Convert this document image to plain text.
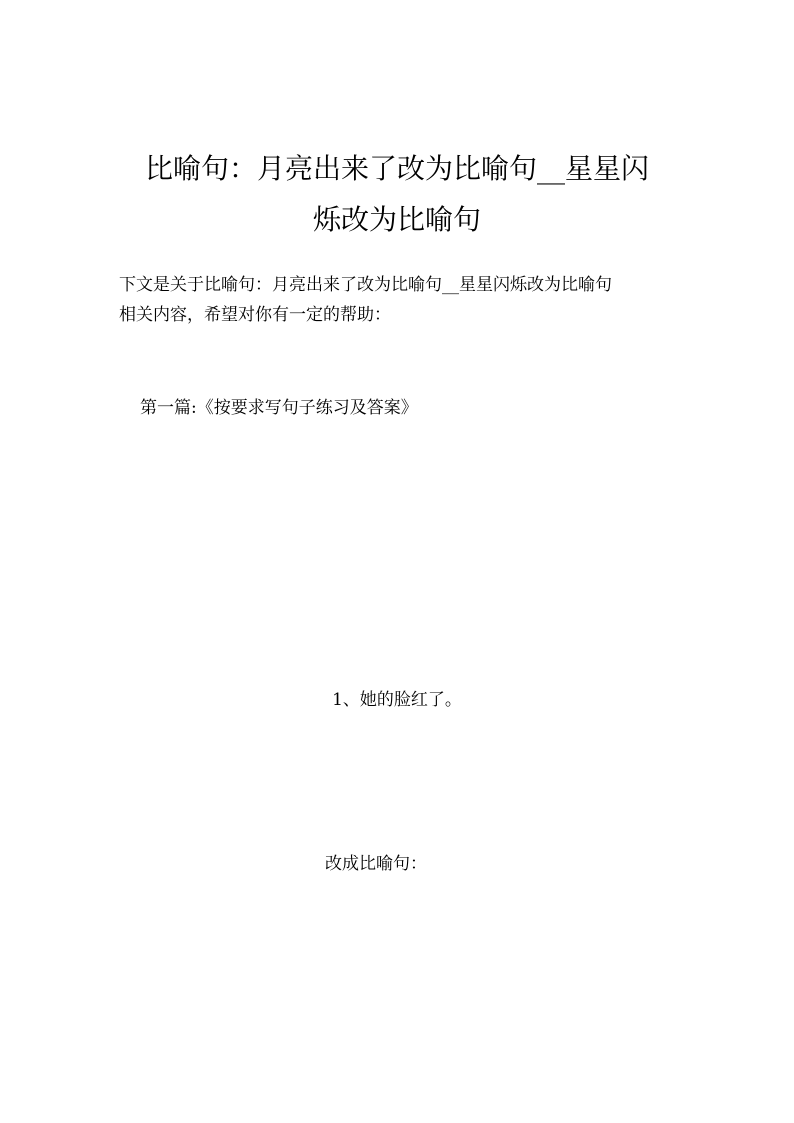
比喻句：月亮出来了改为比喻句__星星闪
烁改为比喻句

下文是关于比喻句：月亮出来了改为比喻句__星星闪烁改为比喻句
相关内容，希望对你有一定的帮助：

第一篇:《按要求写句子练习及答案》

1、她的脸红了。

改成比喻句：
